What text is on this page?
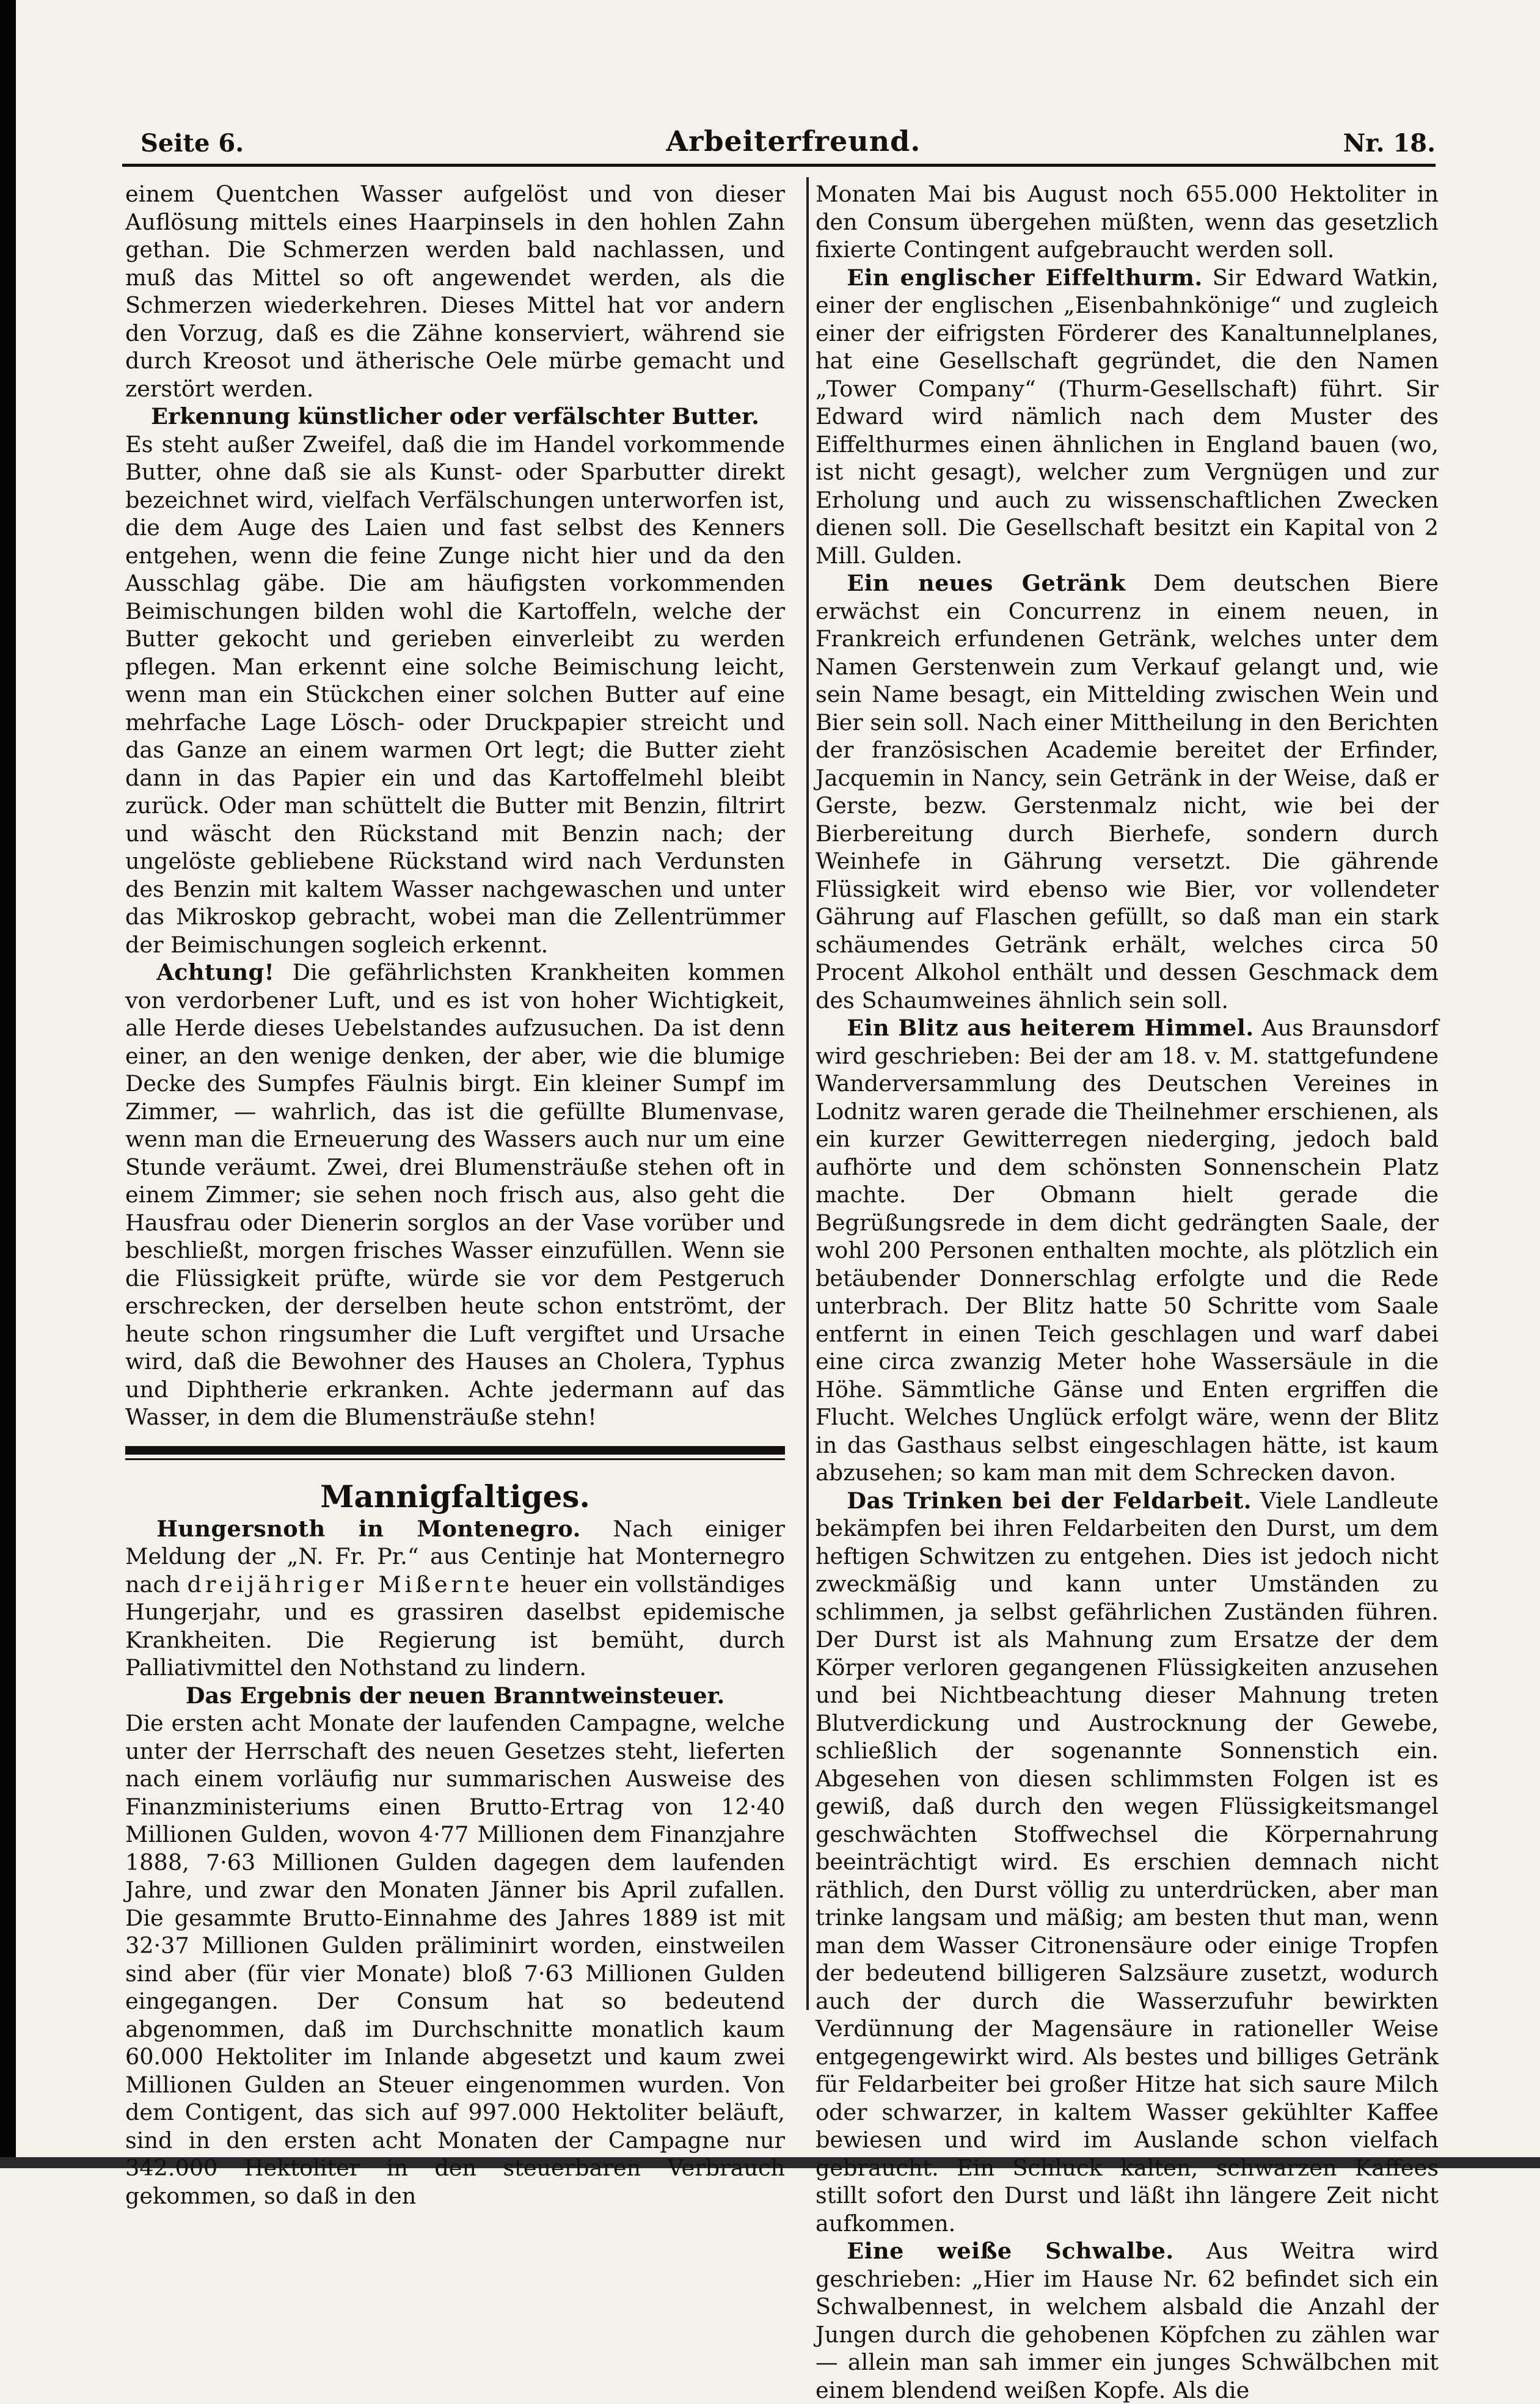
Seite 6.	Arbeiterfreund.	Nr. 18.

einem Quentchen Wasser aufgelöst und von dieser Auflösung mittels eines Haarpinsels in den hohlen Zahn gethan. Die Schmerzen werden bald nachlassen, und muß das Mittel so oft angewendet werden, als die Schmerzen wiederkehren. Dieses Mittel hat vor andern den Vorzug, daß es die Zähne konserviert, während sie durch Kreosot und ätherische Oele mürbe gemacht und zerstört werden.

Erkennung künstlicher oder verfälschter Butter.

Es steht außer Zweifel, daß die im Handel vorkommende Butter, ohne daß sie als Kunst- oder Sparbutter direkt bezeichnet wird, vielfach Verfälschungen unterworfen ist, die dem Auge des Laien und fast selbst des Kenners entgehen, wenn die feine Zunge nicht hier und da den Ausschlag gäbe. Die am häufigsten vorkommenden Beimischungen bilden wohl die Kartoffeln, welche der Butter gekocht und gerieben einverleibt zu werden pflegen. Man erkennt eine solche Beimischung leicht, wenn man ein Stückchen einer solchen Butter auf eine mehrfache Lage Lösch- oder Druckpapier streicht und das Ganze an einem warmen Ort legt; die Butter zieht dann in das Papier ein und das Kartoffelmehl bleibt zurück. Oder man schüttelt die Butter mit Benzin, filtrirt und wäscht den Rückstand mit Benzin nach; der ungelöste gebliebene Rückstand wird nach Verdunsten des Benzin mit kaltem Wasser nachgewaschen und unter das Mikroskop gebracht, wobei man die Zellentrümmer der Beimischungen sogleich erkennt.

Achtung! Die gefährlichsten Krankheiten kommen von verdorbener Luft, und es ist von hoher Wichtigkeit, alle Herde dieses Uebelstandes aufzusuchen. Da ist denn einer, an den wenige denken, der aber, wie die blumige Decke des Sumpfes Fäulnis birgt. Ein kleiner Sumpf im Zimmer, — wahrlich, das ist die gefüllte Blumenvase, wenn man die Erneuerung des Wassers auch nur um eine Stunde veräumt. Zwei, drei Blumensträuße stehen oft in einem Zimmer; sie sehen noch frisch aus, also geht die Hausfrau oder Dienerin sorglos an der Vase vorüber und beschließt, morgen frisches Wasser einzufüllen. Wenn sie die Flüssigkeit prüfte, würde sie vor dem Pestgeruch erschrecken, der derselben heute schon entströmt, der heute schon ringsumher die Luft vergiftet und Ursache wird, daß die Bewohner des Hauses an Cholera, Typhus und Diphtherie erkranken. Achte jedermann auf das Wasser, in dem die Blumensträuße stehn!

Mannigfaltiges.

Hungersnoth in Montenegro. Nach einiger Meldung der „N. Fr. Pr.“ aus Centinje hat Monternegro nach dreijähriger Mißernte heuer ein vollständiges Hungerjahr, und es grassiren daselbst epidemische Krankheiten. Die Regierung ist bemüht, durch Palliativmittel den Nothstand zu lindern.

Das Ergebnis der neuen Branntweinsteuer.

Die ersten acht Monate der laufenden Campagne, welche unter der Herrschaft des neuen Gesetzes steht, lieferten nach einem vorläufig nur summarischen Ausweise des Finanzministeriums einen Brutto-Ertrag von 12·40 Millionen Gulden, wovon 4·77 Millionen dem Finanzjahre 1888, 7·63 Millionen Gulden dagegen dem laufenden Jahre, und zwar den Monaten Jänner bis April zufallen. Die gesammte Brutto-Einnahme des Jahres 1889 ist mit 32·37 Millionen Gulden präliminirt worden, einstweilen sind aber (für vier Monate) bloß 7·63 Millionen Gulden eingegangen. Der Consum hat so bedeutend abgenommen, daß im Durchschnitte monatlich kaum 60.000 Hektoliter im Inlande abgesetzt und kaum zwei Millionen Gulden an Steuer eingenommen wurden. Von dem Contigent, das sich auf 997.000 Hektoliter beläuft, sind in den ersten acht Monaten der Campagne nur 342.000 Hektoliter in den steuerbaren Verbrauch gekommen, so daß in den

Monaten Mai bis August noch 655.000 Hektoliter in den Consum übergehen müßten, wenn das gesetzlich fixierte Contingent aufgebraucht werden soll.

Ein englischer Eiffelthurm. Sir Edward Watkin, einer der englischen „Eisenbahnkönige“ und zugleich einer der eifrigsten Förderer des Kanaltunnelplanes, hat eine Gesellschaft gegründet, die den Namen „Tower Company“ (Thurm-Gesellschaft) führt. Sir Edward wird nämlich nach dem Muster des Eiffelthurmes einen ähnlichen in England bauen (wo, ist nicht gesagt), welcher zum Vergnügen und zur Erholung und auch zu wissenschaftlichen Zwecken dienen soll. Die Gesellschaft besitzt ein Kapital von 2 Mill. Gulden.

Ein neues Getränk Dem deutschen Biere erwächst ein Concurrenz in einem neuen, in Frankreich erfundenen Getränk, welches unter dem Namen Gerstenwein zum Verkauf gelangt und, wie sein Name besagt, ein Mittelding zwischen Wein und Bier sein soll. Nach einer Mittheilung in den Berichten der französischen Academie bereitet der Erfinder, Jacquemin in Nancy, sein Getränk in der Weise, daß er Gerste, bezw. Gerstenmalz nicht, wie bei der Bierbereitung durch Bierhefe, sondern durch Weinhefe in Gährung versetzt. Die gährende Flüssigkeit wird ebenso wie Bier, vor vollendeter Gährung auf Flaschen gefüllt, so daß man ein stark schäumendes Getränk erhält, welches circa 50 Procent Alkohol enthält und dessen Geschmack dem des Schaumweines ähnlich sein soll.

Ein Blitz aus heiterem Himmel. Aus Braunsdorf wird geschrieben: Bei der am 18. v. M. stattgefundene Wanderversammlung des Deutschen Vereines in Lodnitz waren gerade die Theilnehmer erschienen, als ein kurzer Gewitterregen niederging, jedoch bald aufhörte und dem schönsten Sonnenschein Platz machte. Der Obmann hielt gerade die Begrüßungsrede in dem dicht gedrängten Saale, der wohl 200 Personen enthalten mochte, als plötzlich ein betäubender Donnerschlag erfolgte und die Rede unterbrach. Der Blitz hatte 50 Schritte vom Saale entfernt in einen Teich geschlagen und warf dabei eine circa zwanzig Meter hohe Wassersäule in die Höhe. Sämmtliche Gänse und Enten ergriffen die Flucht. Welches Unglück erfolgt wäre, wenn der Blitz in das Gasthaus selbst eingeschlagen hätte, ist kaum abzusehen; so kam man mit dem Schrecken davon.

Das Trinken bei der Feldarbeit. Viele Landleute bekämpfen bei ihren Feldarbeiten den Durst, um dem heftigen Schwitzen zu entgehen. Dies ist jedoch nicht zweckmäßig und kann unter Umständen zu schlimmen, ja selbst gefährlichen Zuständen führen. Der Durst ist als Mahnung zum Ersatze der dem Körper verloren gegangenen Flüssigkeiten anzusehen und bei Nichtbeachtung dieser Mahnung treten Blutverdickung und Austrocknung der Gewebe, schließlich der sogenannte Sonnenstich ein. Abgesehen von diesen schlimmsten Folgen ist es gewiß, daß durch den wegen Flüssigkeitsmangel geschwächten Stoffwechsel die Körpernahrung beeinträchtigt wird. Es erschien demnach nicht räthlich, den Durst völlig zu unterdrücken, aber man trinke langsam und mäßig; am besten thut man, wenn man dem Wasser Citronensäure oder einige Tropfen der bedeutend billigeren Salzsäure zusetzt, wodurch auch der durch die Wasserzufuhr bewirkten Verdünnung der Magensäure in rationeller Weise entgegengewirkt wird. Als bestes und billiges Getränk für Feldarbeiter bei großer Hitze hat sich saure Milch oder schwarzer, in kaltem Wasser gekühlter Kaffee bewiesen und wird im Auslande schon vielfach gebraucht. Ein Schluck kalten, schwarzen Kaffees stillt sofort den Durst und läßt ihn längere Zeit nicht aufkommen.

Eine weiße Schwalbe. Aus Weitra wird geschrieben: „Hier im Hause Nr. 62 befindet sich ein Schwalbennest, in welchem alsbald die Anzahl der Jungen durch die gehobenen Köpfchen zu zählen war — allein man sah immer ein junges Schwälbchen mit einem blendend weißen Kopfe. Als die
